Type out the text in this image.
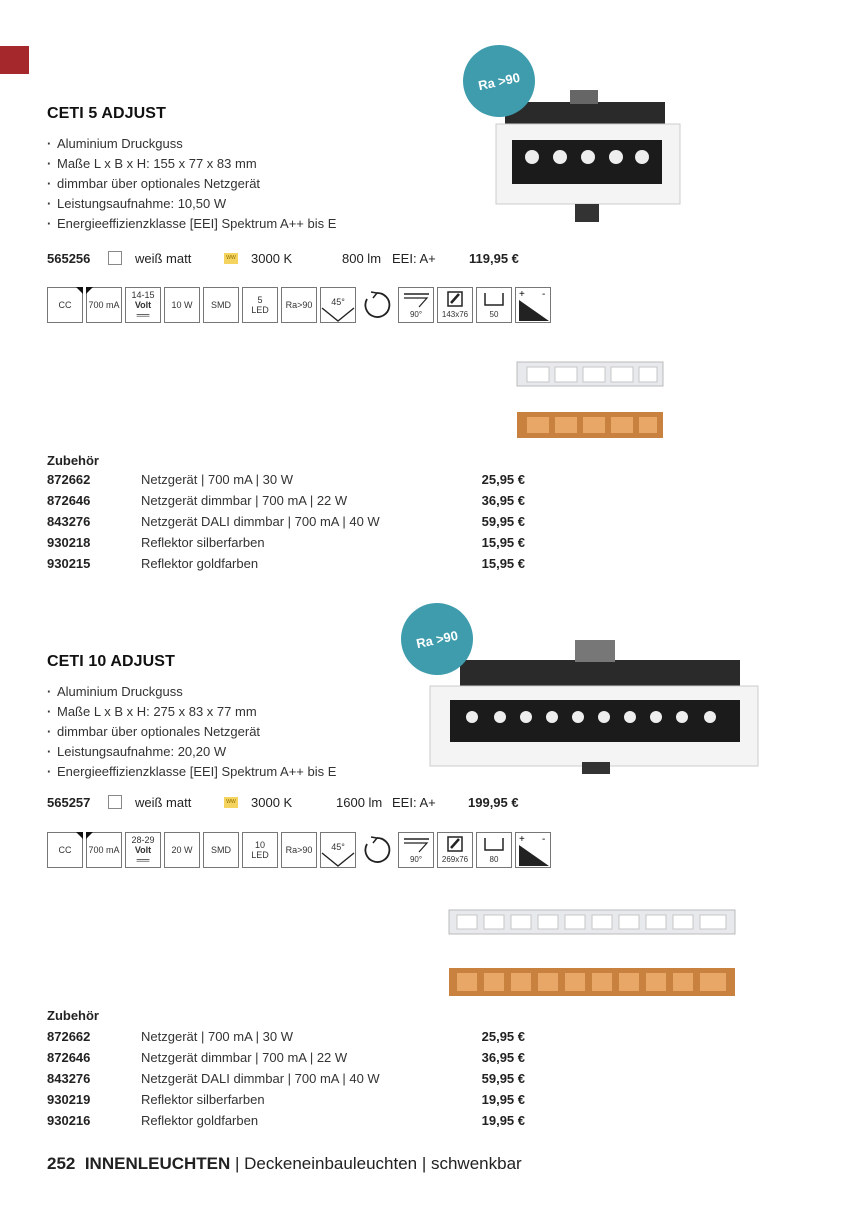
CETI 5 ADJUST
· Aluminium Druckguss
· Maße L x B x H: 155 x 77 x 83 mm
· dimmbar über optionales Netzgerät
· Leistungsaufnahme: 10,50 W
· Energieeffizienzklasse [EEI] Spektrum A++ bis E
Ra >90
565256	weiß matt	WW 3000 K	800 lm EEI: A+	119,95 €
CC 700 mA
14-15
Volt
══
10 W SMD	5
LED Ra>90 45°
90°	143x76	50
+ -
Zubehör
872662	Netzgerät | 700 mA | 30 W	25,95 €
872646	Netzgerät dimmbar | 700 mA | 22 W	36,95 €
843276	Netzgerät DALI dimmbar | 700 mA | 40 W	59,95 €
930218	Reflektor silberfarben	15,95 €
930215	Reflektor goldfarben	15,95 €
CETI 10 ADJUST
· Aluminium Druckguss
· Maße L x B x H: 275 x 83 x 77 mm
· dimmbar über optionales Netzgerät
· Leistungsaufnahme: 20,20 W
· Energieeffizienzklasse [EEI] Spektrum A++ bis E
Ra >90
565257	weiß matt	WW 3000 K	1600 lm EEI: A+ 199,95 €
CC 700 mA
28-29
Volt
══
20 W SMD	10
LED Ra>90 45°
90°	269x76	80
+ -
Zubehör
872662	Netzgerät | 700 mA | 30 W	25,95 €
872646	Netzgerät dimmbar | 700 mA | 22 W	36,95 €
843276	Netzgerät DALI dimmbar | 700 mA | 40 W	59,95 €
930219	Reflektor silberfarben	19,95 €
930216	Reflektor goldfarben	19,95 €
252 INNENLEUCHTEN | Deckeneinbauleuchten | schwenkbar
